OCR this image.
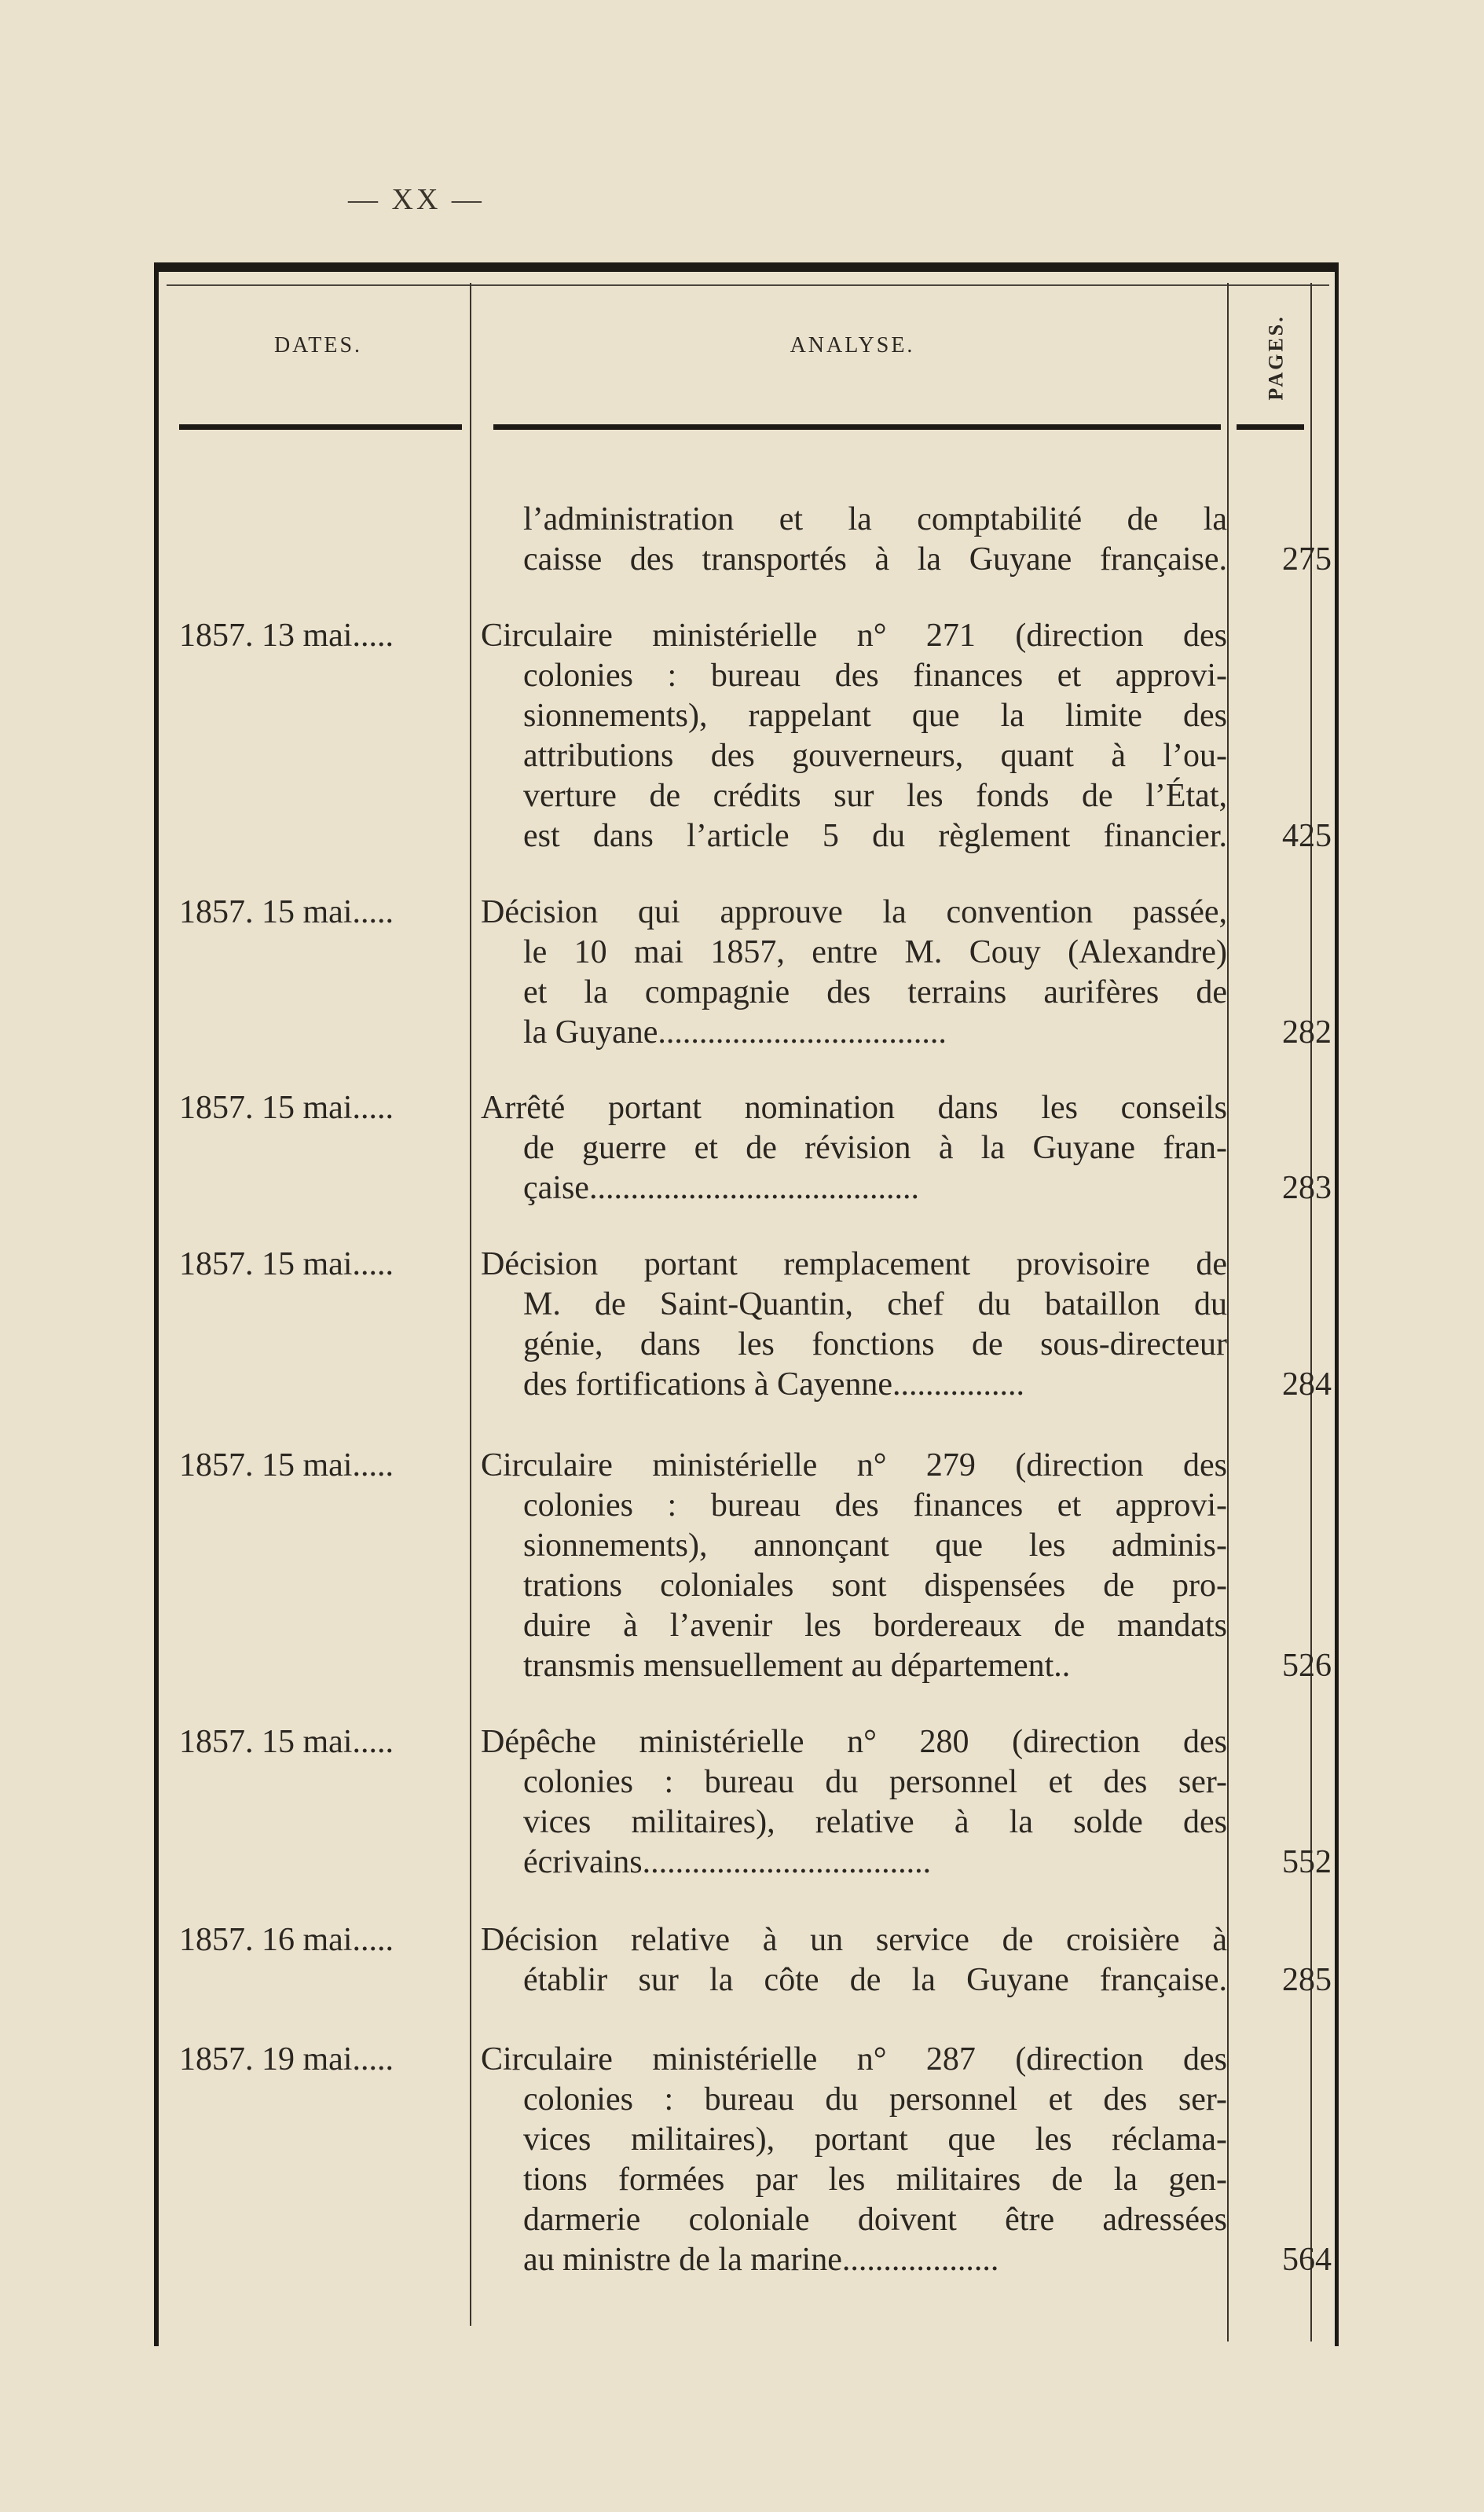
— XX —
DATES.	ANALYSE.	PAGES.
l’administration et la comptabilité de la
caisse des transportés à la Guyane française.	275
1857. 13 mai.....	Circulaire ministérielle n° 271 (direction des
colonies : bureau des finances et approvi-
sionnements), rappelant que la limite des
attributions des gouverneurs, quant à l’ou-
verture de crédits sur les fonds de l’État,
est dans l’article 5 du règlement financier.	425
1857. 15 mai.....	Décision qui approuve la convention passée,
le 10 mai 1857, entre M. Couy (Alexandre)
et la compagnie des terrains aurifères de
la Guyane...................................	282
1857. 15 mai.....	Arrêté portant nomination dans les conseils
de guerre et de révision à la Guyane fran-
çaise........................................	283
1857. 15 mai.....	Décision portant remplacement provisoire de
M. de Saint-Quantin, chef du bataillon du
génie, dans les fonctions de sous-directeur
des fortifications à Cayenne................	284
1857. 15 mai.....	Circulaire ministérielle n° 279 (direction des
colonies : bureau des finances et approvi-
sionnements), annonçant que les adminis-
trations coloniales sont dispensées de pro-
duire à l’avenir les bordereaux de mandats
transmis mensuellement au département..	526
1857. 15 mai.....	Dépêche ministérielle n° 280 (direction des
colonies : bureau du personnel et des ser-
vices militaires), relative à la solde des
écrivains...................................	552
1857. 16 mai.....	Décision relative à un service de croisière à
établir sur la côte de la Guyane française.	285
1857. 19 mai.....	Circulaire ministérielle n° 287 (direction des
colonies : bureau du personnel et des ser-
vices militaires), portant que les réclama-
tions formées par les militaires de la gen-
darmerie coloniale doivent être adressées
au ministre de la marine...................	564
